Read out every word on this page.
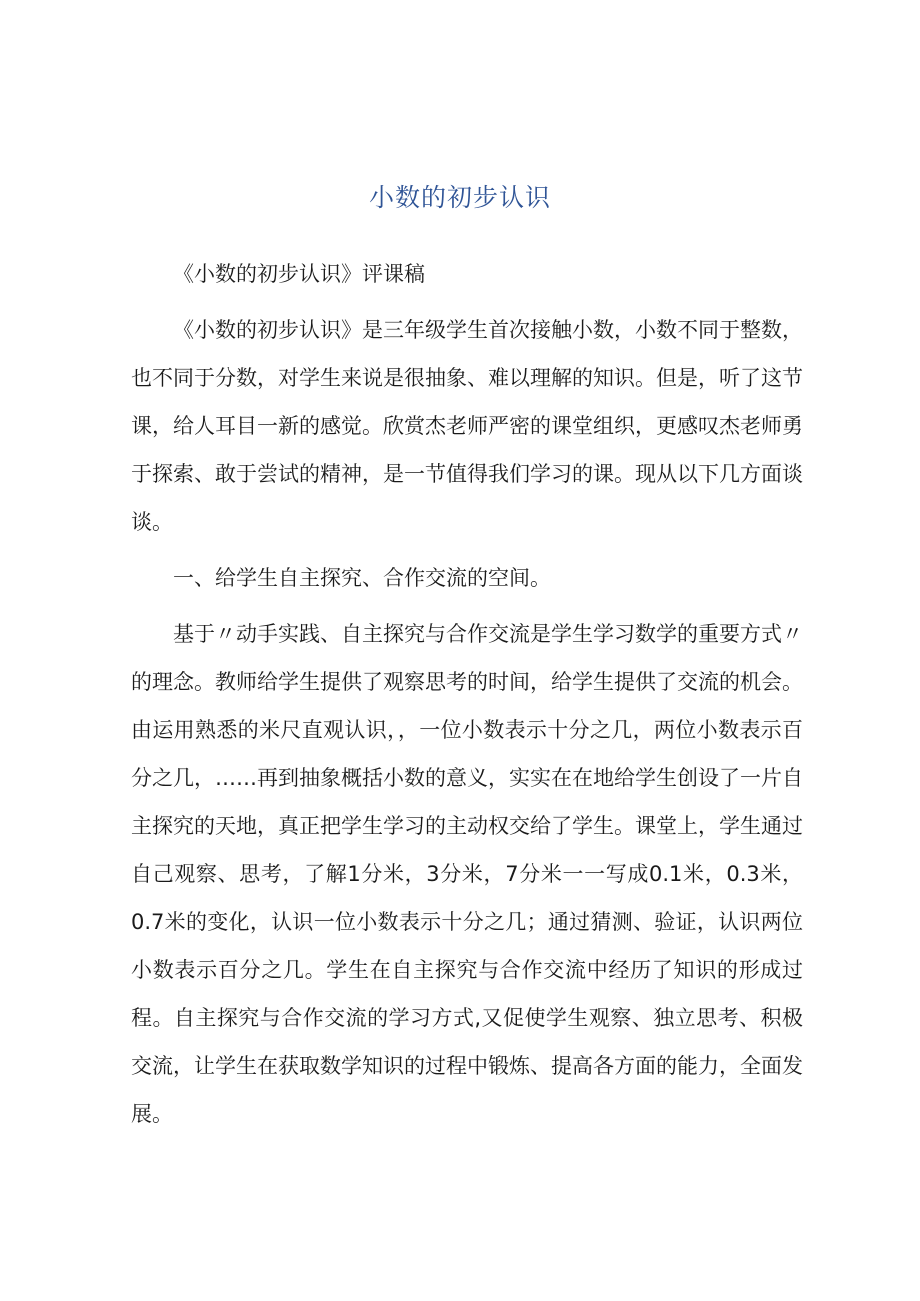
小数的初步认识

《小数的初步认识》评课稿

《小数的初步认识》是三年级学生首次接触小数，小数不同于整数，也不同于分数，对学生来说是很抽象、难以理解的知识。但是，听了这节课，给人耳目一新的感觉。欣赏杰老师严密的课堂组织，更感叹杰老师勇于探索、敢于尝试的精神，是一节值得我们学习的课。现从以下几方面谈谈。

一、给学生自主探究、合作交流的空间。

基于〃动手实践、自主探究与合作交流是学生学习数学的重要方式〃的理念。教师给学生提供了观察思考的时间，给学生提供了交流的机会。由运用熟悉的米尺直观认识，，一位小数表示十分之几，两位小数表示百分之几，……再到抽象概括小数的意义，实实在在地给学生创设了一片自主探究的天地，真正把学生学习的主动权交给了学生。课堂上，学生通过自己观察、思考，了解1分米，3分米，7分米一一写成0.1米，0.3米，0.7米的变化，认识一位小数表示十分之几；通过猜测、验证，认识两位小数表示百分之几。学生在自主探究与合作交流中经历了知识的形成过程。自主探究与合作交流的学习方式,又促使学生观察、独立思考、积极交流，让学生在获取数学知识的过程中锻炼、提高各方面的能力，全面发展。
